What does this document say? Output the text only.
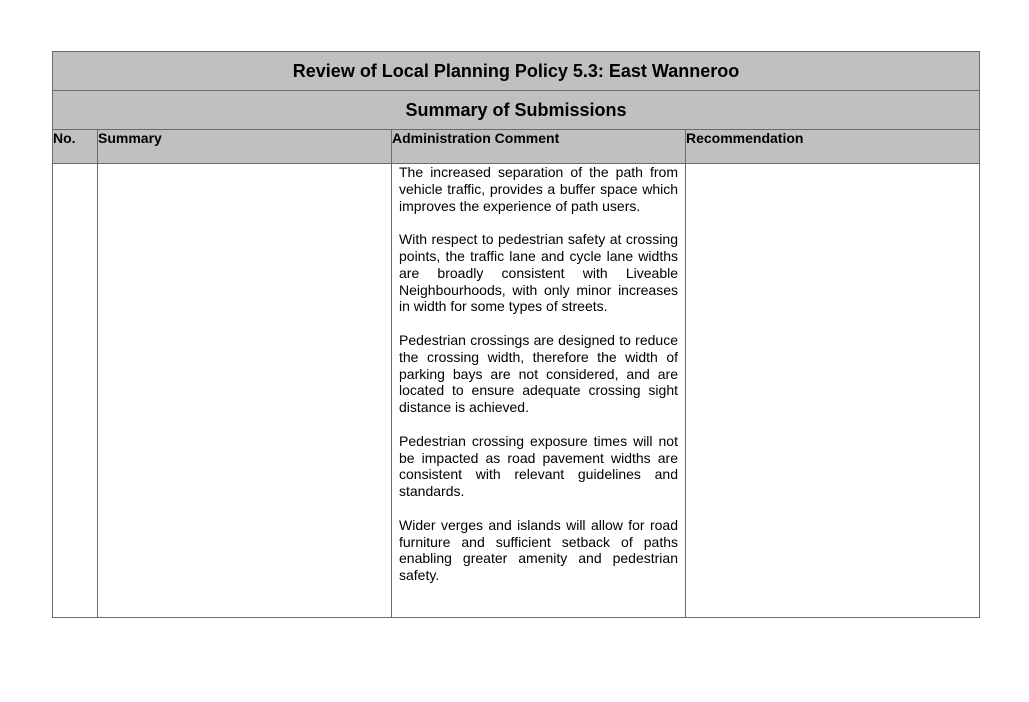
Review of Local Planning Policy 5.3: East Wanneroo			
Summary of Submissions			
No.	Summary	Administration Comment	Recommendation

		The increased separation of the path from vehicle traffic, provides a buffer space which improves the experience of path users.

With respect to pedestrian safety at crossing points, the traffic lane and cycle lane widths are broadly consistent with Liveable Neighbourhoods, with only minor increases in width for some types of streets.

Pedestrian crossings are designed to reduce the crossing width, therefore the width of parking bays are not considered, and are located to ensure adequate crossing sight distance is achieved.

Pedestrian crossing exposure times will not be impacted as road pavement widths are consistent with relevant guidelines and standards.

Wider verges and islands will allow for road furniture and sufficient setback of paths enabling greater amenity and pedestrian safety.	
